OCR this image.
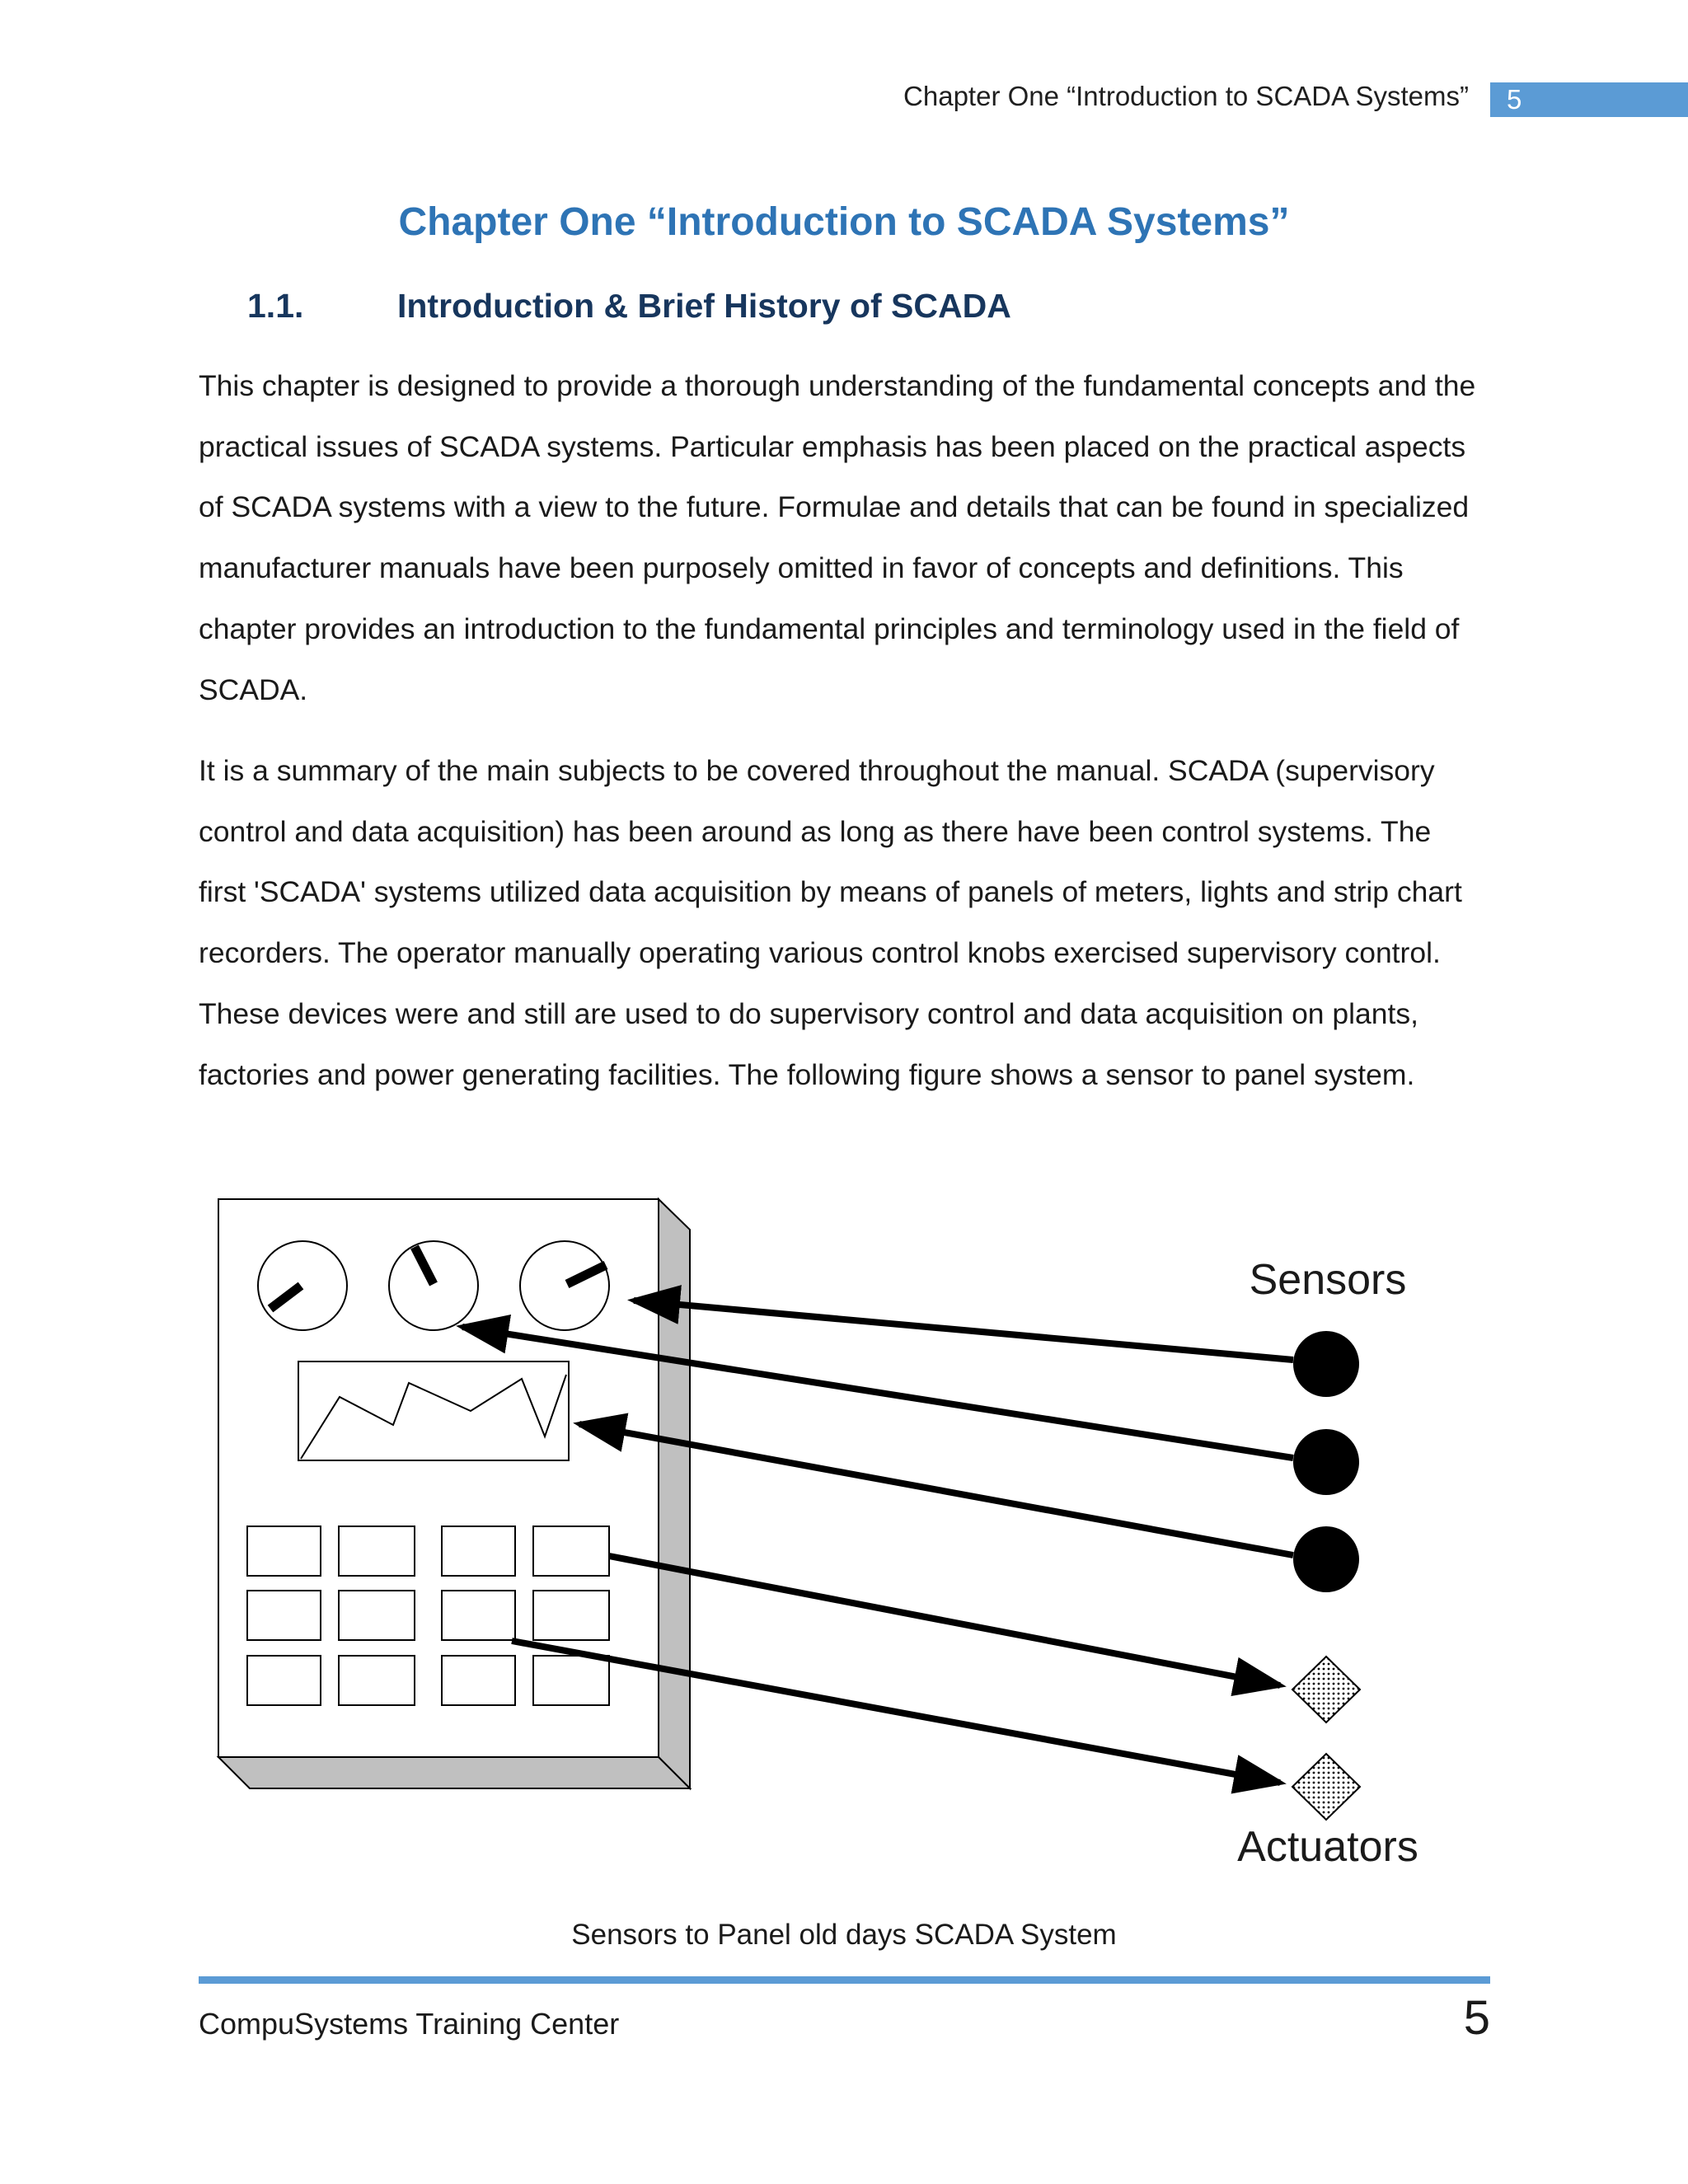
Chapter One “Introduction to SCADA Systems”	5
Chapter One “Introduction to SCADA Systems”
1.1.	Introduction & Brief History of SCADA

This chapter is designed to provide a thorough understanding of the fundamental concepts and the practical issues of SCADA systems. Particular emphasis has been placed on the practical aspects of SCADA systems with a view to the future. Formulae and details that can be found in specialized manufacturer manuals have been purposely omitted in favor of concepts and definitions. This chapter provides an introduction to the fundamental principles and terminology used in the field of SCADA.

It is a summary of the main subjects to be covered throughout the manual. SCADA (supervisory control and data acquisition) has been around as long as there have been control systems. The first 'SCADA' systems utilized data acquisition by means of panels of meters, lights and strip chart recorders. The operator manually operating various control knobs exercised supervisory control. These devices were and still are used to do supervisory control and data acquisition on plants, factories and power generating facilities. The following figure shows a sensor to panel system.

Sensors
Actuators
Sensors to Panel old days SCADA System
CompuSystems Training Center	5
